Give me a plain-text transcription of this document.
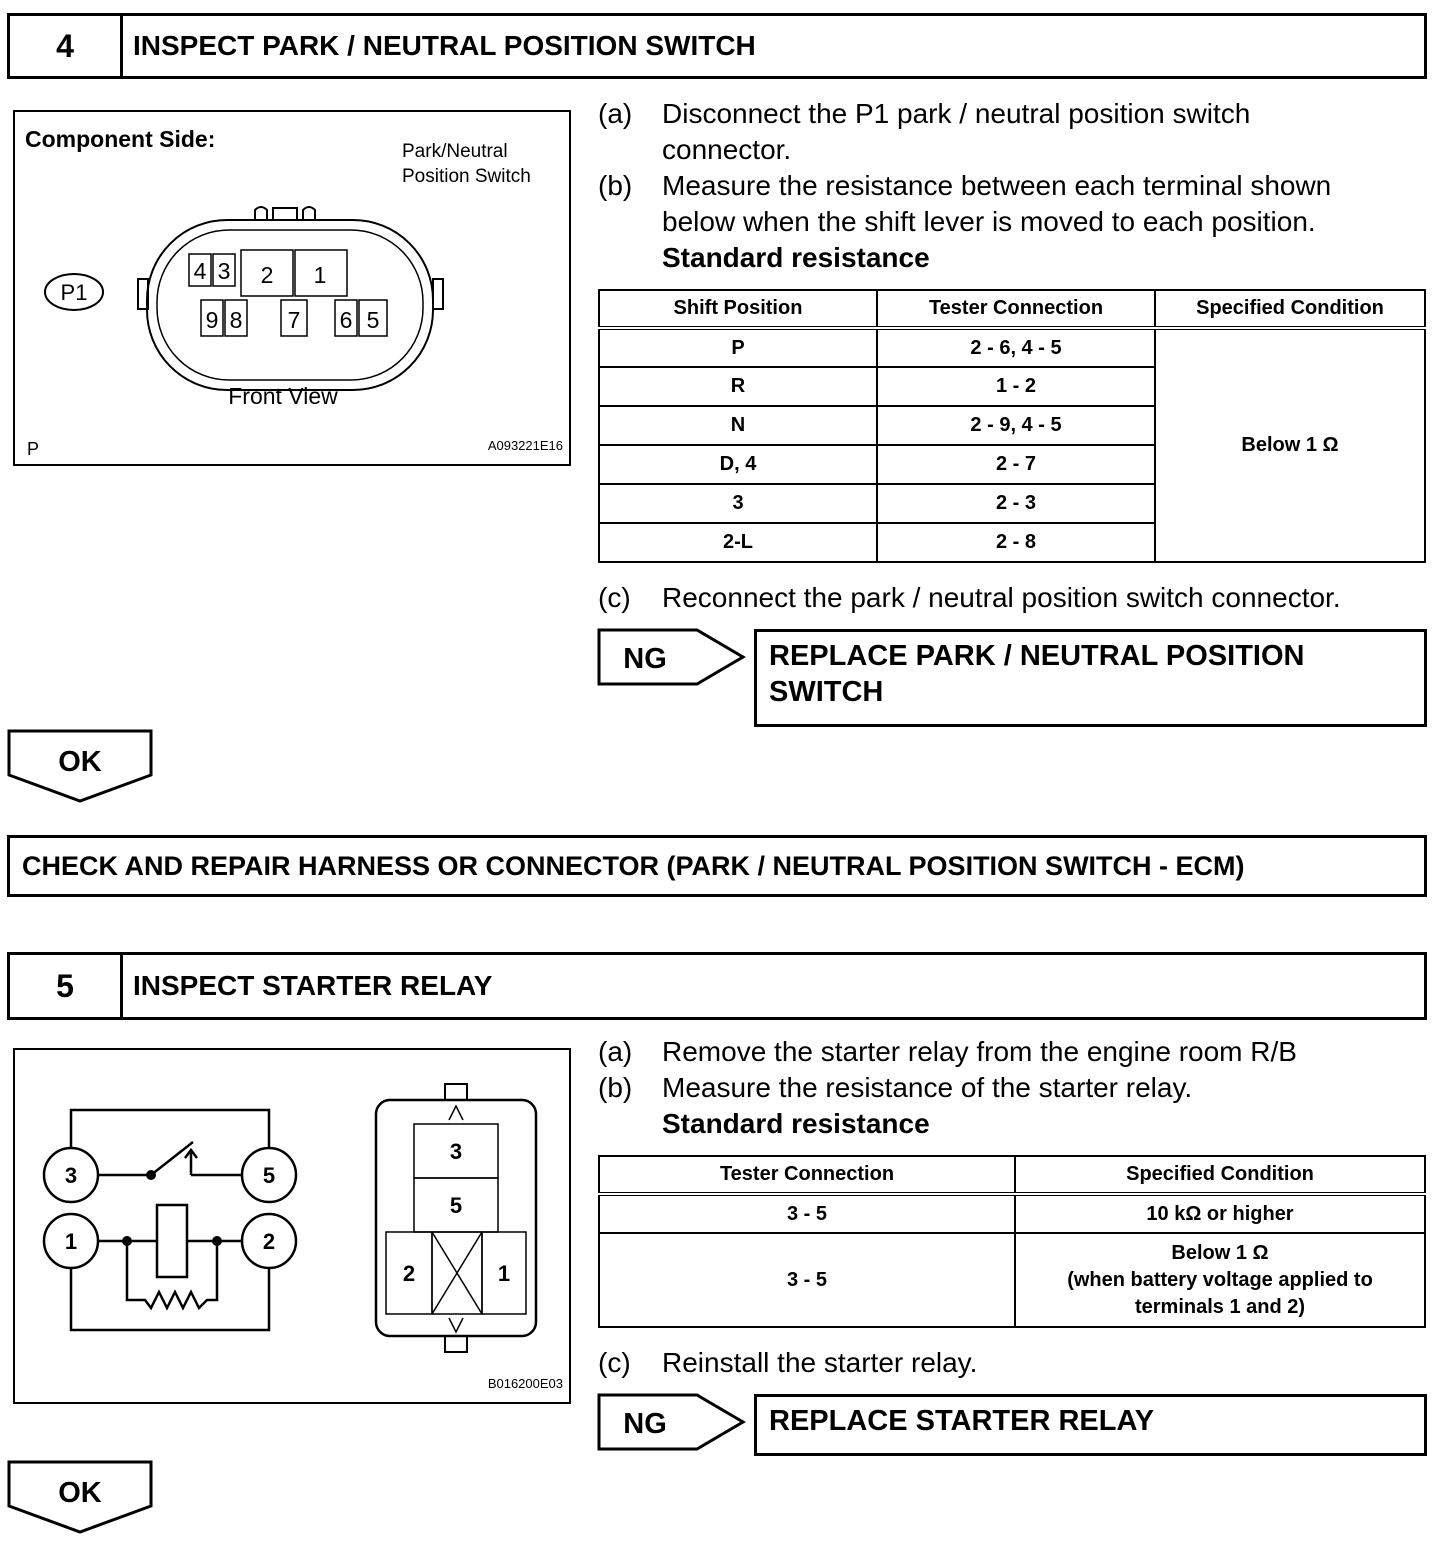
4	INSPECT PARK / NEUTRAL POSITION SWITCH
Component Side:	Park/Neutral
Position Switch
P1
4 3 2 1
9 8 7 6 5
Front View
P	A093221E16
(a)	Disconnect the P1 park / neutral position switch
connector.
(b)	Measure the resistance between each terminal shown
below when the shift lever is moved to each position.
Standard resistance
Shift Position	Tester Connection	Specified Condition
P	2 - 6, 4 - 5	Below 1 Ω
R	1 - 2	
N	2 - 9, 4 - 5	
D, 4	2 - 7	
3	2 - 3	
2-L	2 - 8	
(c)	Reconnect the park / neutral position switch connector.
NG	REPLACE PARK / NEUTRAL POSITION
SWITCH
OK
CHECK AND REPAIR HARNESS OR CONNECTOR (PARK / NEUTRAL POSITION SWITCH - ECM)
5	INSPECT STARTER RELAY
3	5
1	2
3
5
2	1
B016200E03
(a)	Remove the starter relay from the engine room R/B
(b)	Measure the resistance of the starter relay.
Standard resistance
Tester Connection	Specified Condition
3 - 5	10 kΩ or higher
3 - 5	Below 1 Ω
(when battery voltage applied to
terminals 1 and 2)
(c)	Reinstall the starter relay.
NG	REPLACE STARTER RELAY
OK
